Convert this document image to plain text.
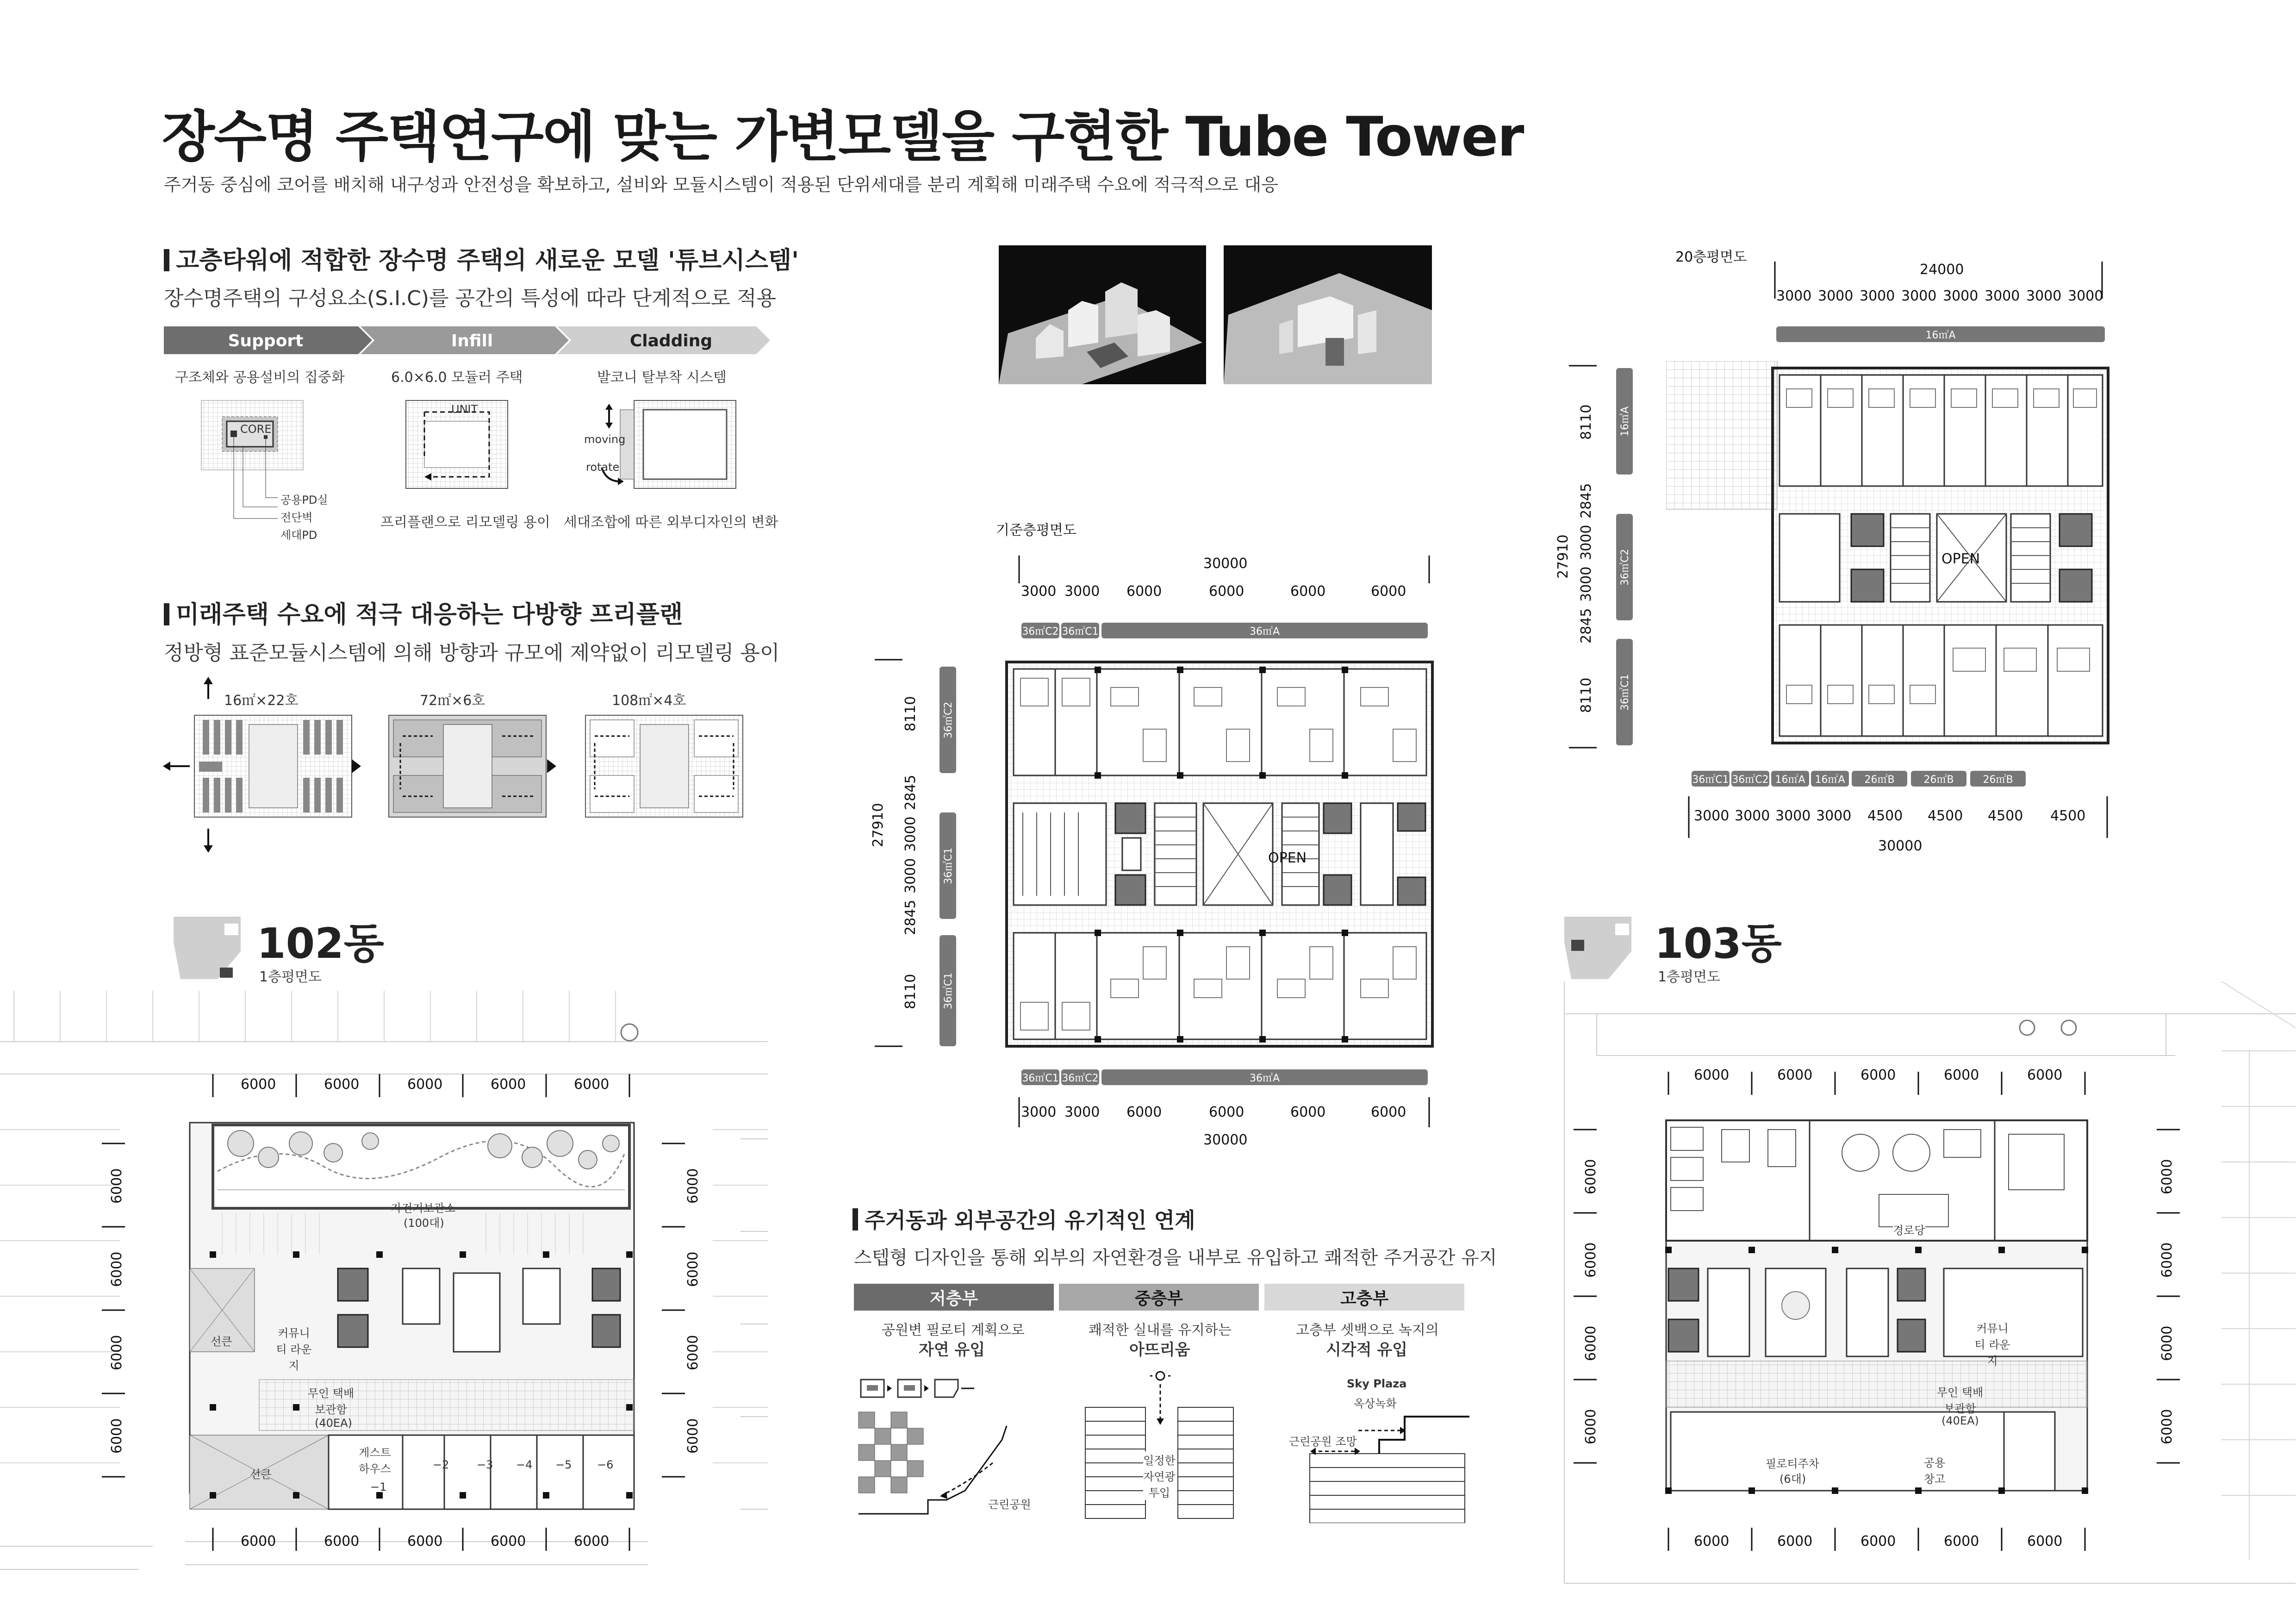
장수명 주택연구에 맞는 가변모델을 구현한 Tube Tower
주거동 중심에 코어를 배치해 내구성과 안전성을 확보하고, 설비와 모듈시스템이 적용된 단위세대를 분리 계획해 미래주택 수요에 적극적으로 대응
고층타워에 적합한 장수명 주택의 새로운 모델 '튜브시스템'
장수명주택의 구성요소(S.I.C)를 공간의 특성에 따라 단계적으로 적용
Support	Infill	Cladding
구조체와 공용설비의 집중화	6.0×6.0 모듈러 주택	발코니 탈부착 시스템
CORE
공용PD실
전단벽
세대PD
UNIT
프리플랜으로 리모델링 용이
moving
rotate
세대조합에 따른 외부디자인의 변화
미래주택 수요에 적극 대응하는 다방향 프리플랜
정방형 표준모듈시스템에 의해 방향과 규모에 제약없이 리모델링 용이
16㎡×22호	72㎡×6호	108㎡×4호
기준층평면도
30000
3000 3000 6000	6000	6000	6000
36㎡C2 36㎡C1	36㎡A
OPEN
27910
8110
2845
3000
3000
2845
8110
36㎡C2
36㎡C1
36㎡C1
36㎡C1 36㎡C2	36㎡A
3000 3000 6000	6000	6000	6000
30000
20층평면도
24000
3000 3000 3000 3000 3000 3000 3000 3000
16㎡A
OPEN
27910
8110
2845
3000
3000
2845
8110
16㎡A
36㎡C2
36㎡C1
36㎡C1 36㎡C2 16㎡A 16㎡A	26㎡B	26㎡B	26㎡B
3000 3000 3000 3000 4500 4500 4500 4500
30000
102동
1층평면도
6000	6000	6000	6000	6000
6000	6000	6000	6000	6000
6000
6000
6000
6000
6000
6000
6000
6000
자전거보관소
(100대)
커뮤니티 라운지
선큰
무인 택배보관함
(40EA)
선큰
게스트 하우스
−1
−2 −3 −4 −5 −6
주거동과 외부공간의 유기적인 연계
스텝형 디자인을 통해 외부의 자연환경을 내부로 유입하고 쾌적한 주거공간 유지
저층부	중층부	고층부
공원변 필로티 계획으로
자연 유입
쾌적한 실내를 유지하는
아뜨리움
고층부 셋백으로 녹지의
시각적 유입
근린공원
일정한 자연광 투입
Sky Plaza
옥상녹화
근린공원 조망
103동
1층평면도
6000	6000	6000	6000	6000
6000	6000	6000	6000	6000
6000
6000
6000
6000
6000
6000
6000
6000
경로당
커뮤니티 라운지
무인 택배보관함
(40EA)
필로티주차
(6대)
공용 창고
